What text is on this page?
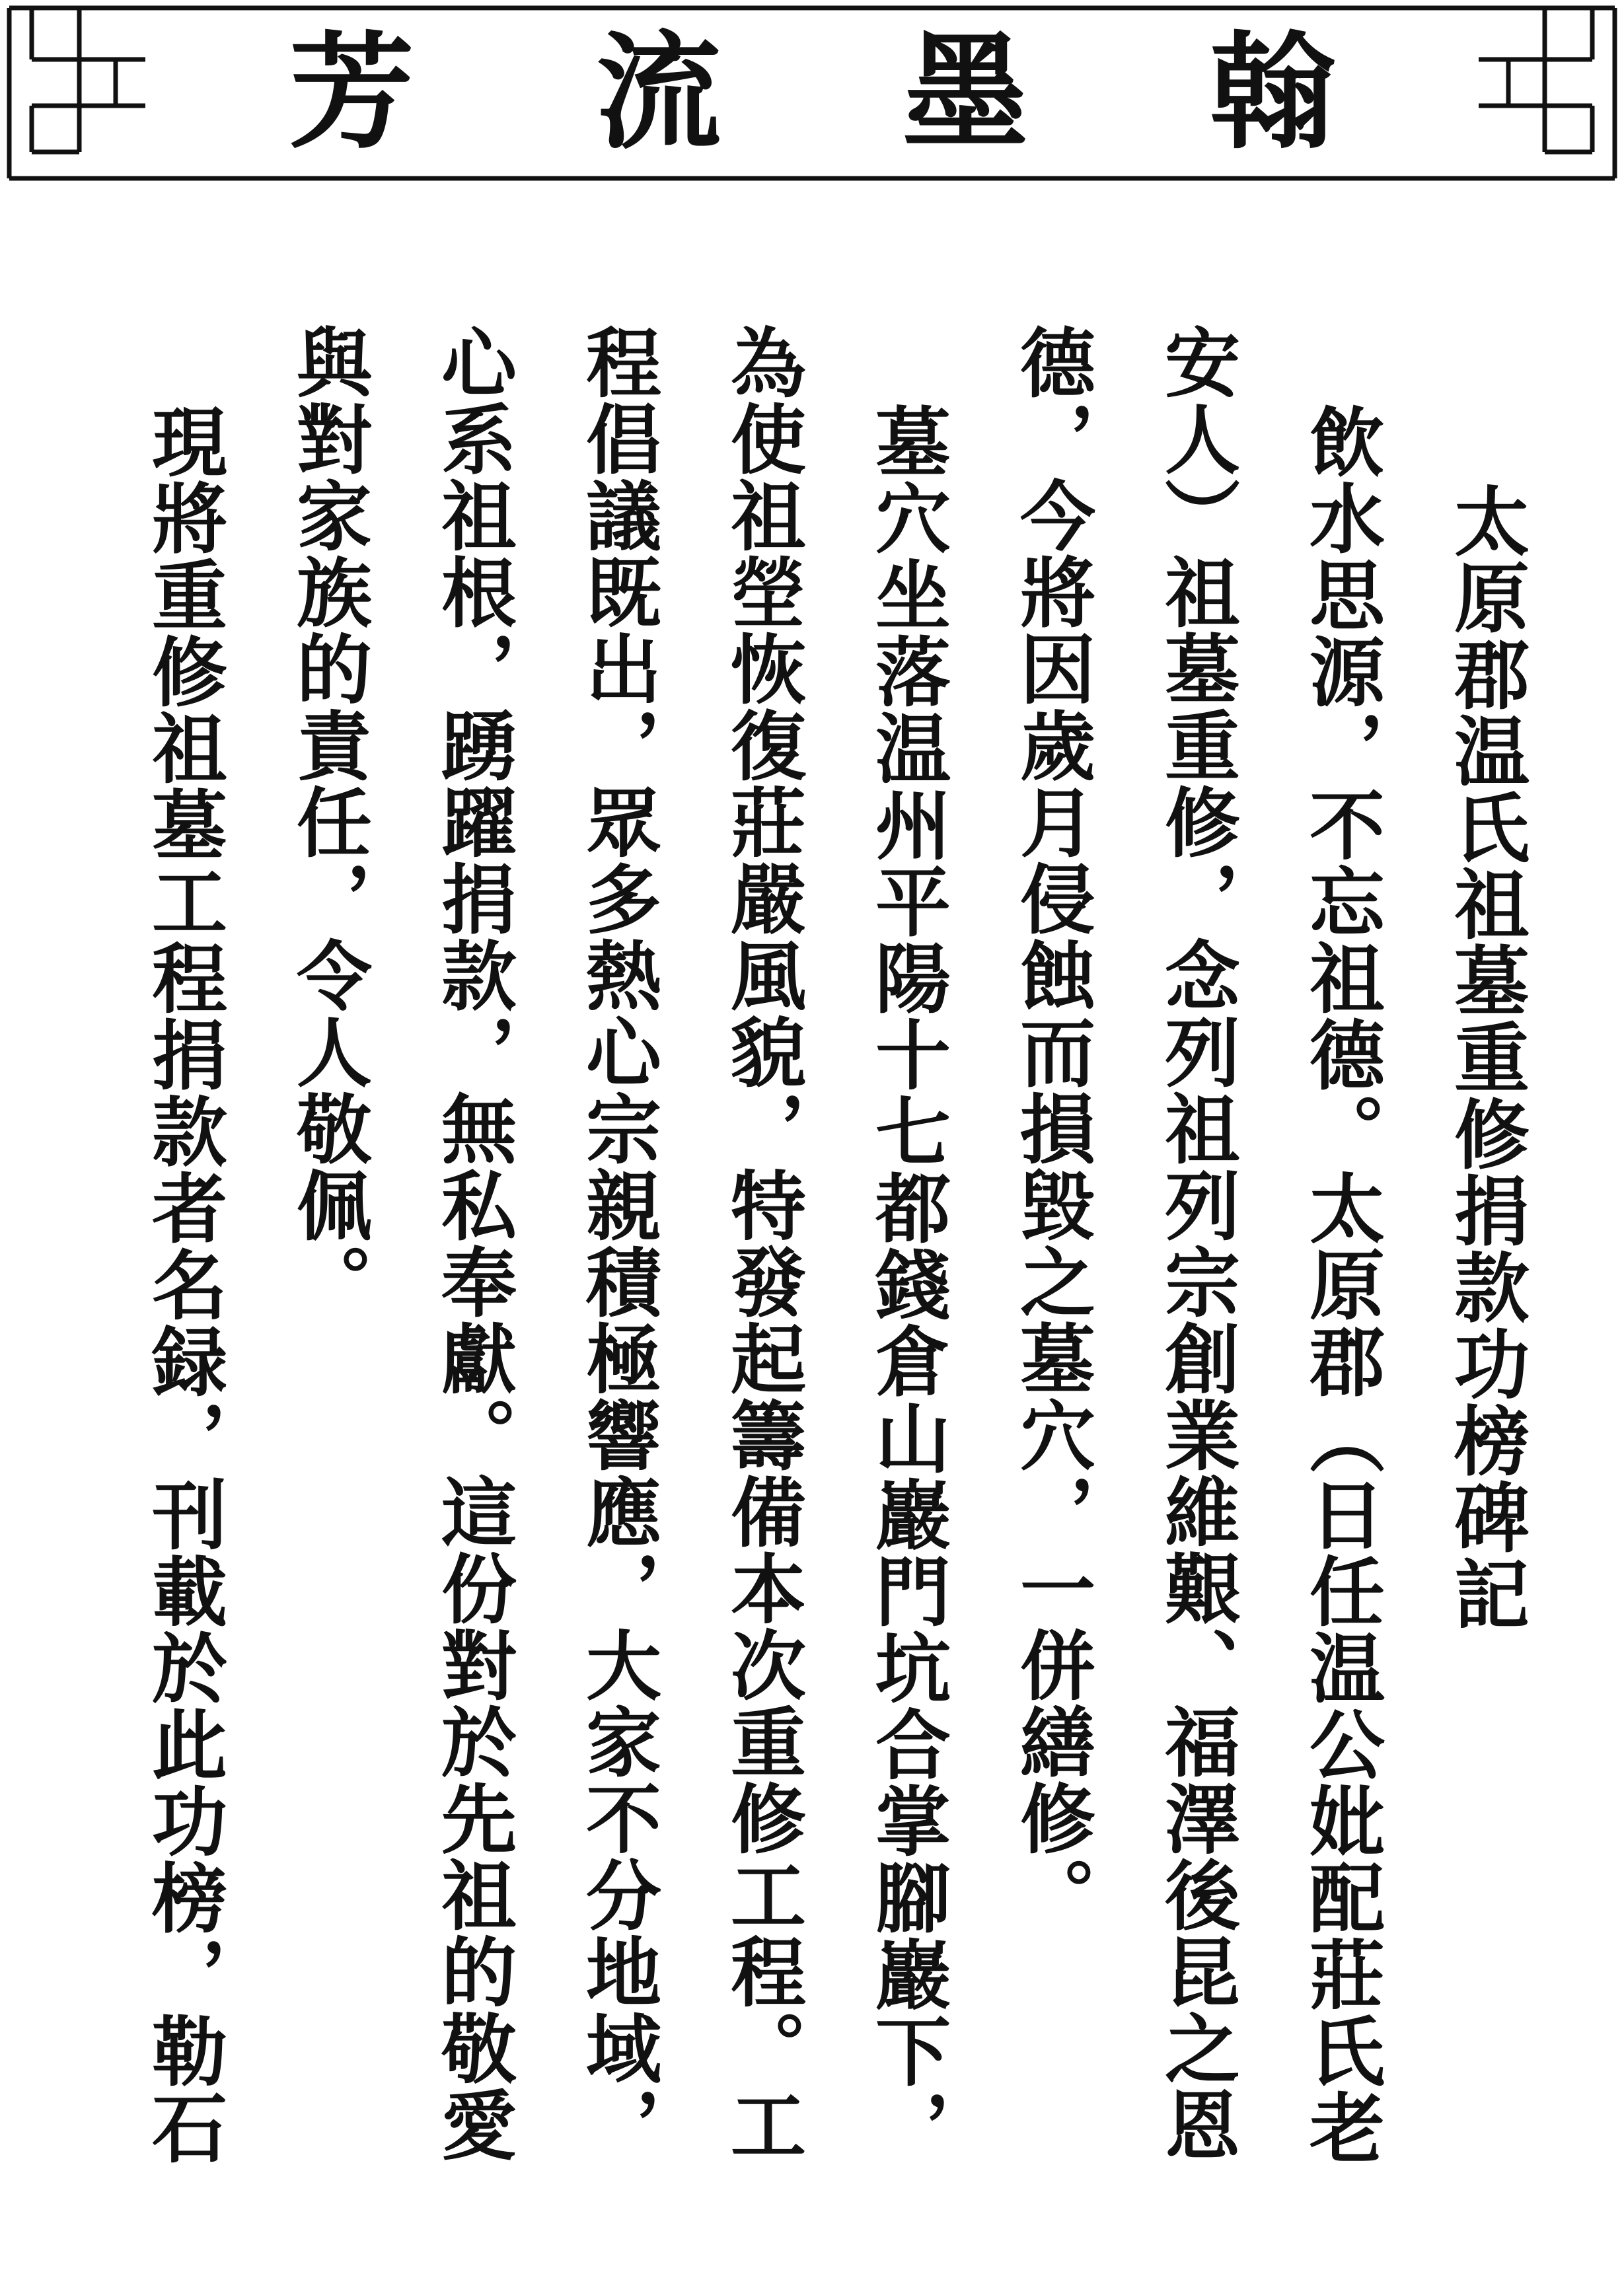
芳 流 墨 翰

太原郡温氏祖墓重修捐款功榜碑記

飲水思源，不忘祖德。太原郡（日任温公妣配莊氏老

安人）祖墓重修，念列祖列宗創業維艱、福澤後昆之恩

德，今將因歲月侵蝕而損毀之墓穴，一併繕修。

墓穴坐落温州平陽十七都錢倉山巖門坑合掌腳巖下，

為使祖塋恢復莊嚴風貌，特發起籌備本次重修工程。工

程倡議既出，眾多熱心宗親積極響應，大家不分地域，

心系祖根，踴躍捐款，無私奉獻。這份對於先祖的敬愛

與對家族的責任，令人敬佩。

現將重修祖墓工程捐款者名録，刊載於此功榜，勒石
